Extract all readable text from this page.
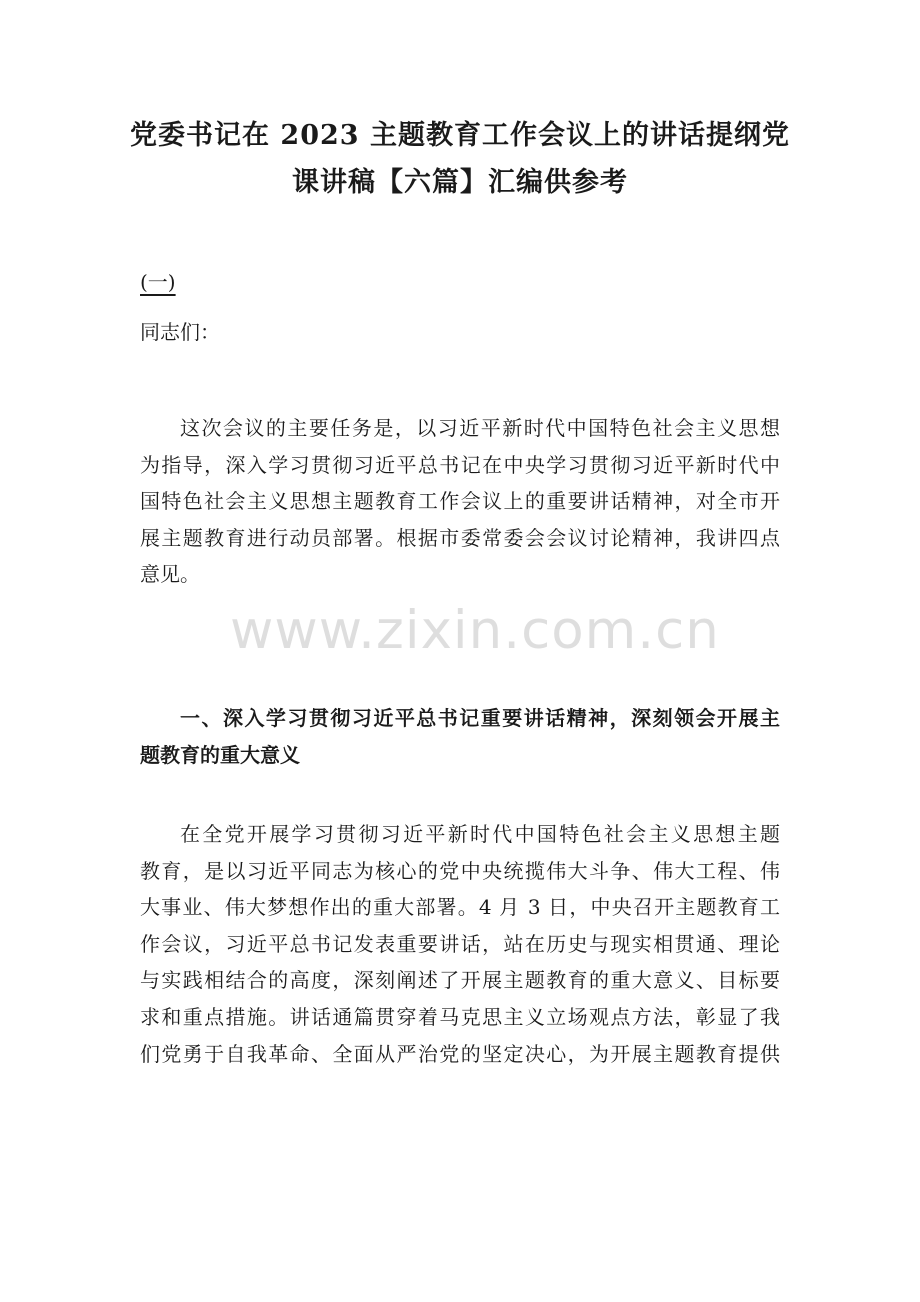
党委书记在 2023 主题教育工作会议上的讲话提纲党
课讲稿【六篇】汇编供参考
(一)
同志们：
这次会议的主要任务是，以习近平新时代中国特色社会主义思想
为指导，深入学习贯彻习近平总书记在中央学习贯彻习近平新时代中
国特色社会主义思想主题教育工作会议上的重要讲话精神，对全市开
展主题教育进行动员部署。根据市委常委会会议讨论精神，我讲四点
意见。
www.zixin.com.cn
一、深入学习贯彻习近平总书记重要讲话精神，深刻领会开展主
题教育的重大意义
在全党开展学习贯彻习近平新时代中国特色社会主义思想主题
教育，是以习近平同志为核心的党中央统揽伟大斗争、伟大工程、伟
大事业、伟大梦想作出的重大部署。4 月 3 日，中央召开主题教育工
作会议，习近平总书记发表重要讲话，站在历史与现实相贯通、理论
与实践相结合的高度，深刻阐述了开展主题教育的重大意义、目标要
求和重点措施。讲话通篇贯穿着马克思主义立场观点方法，彰显了我
们党勇于自我革命、全面从严治党的坚定决心，为开展主题教育提供
